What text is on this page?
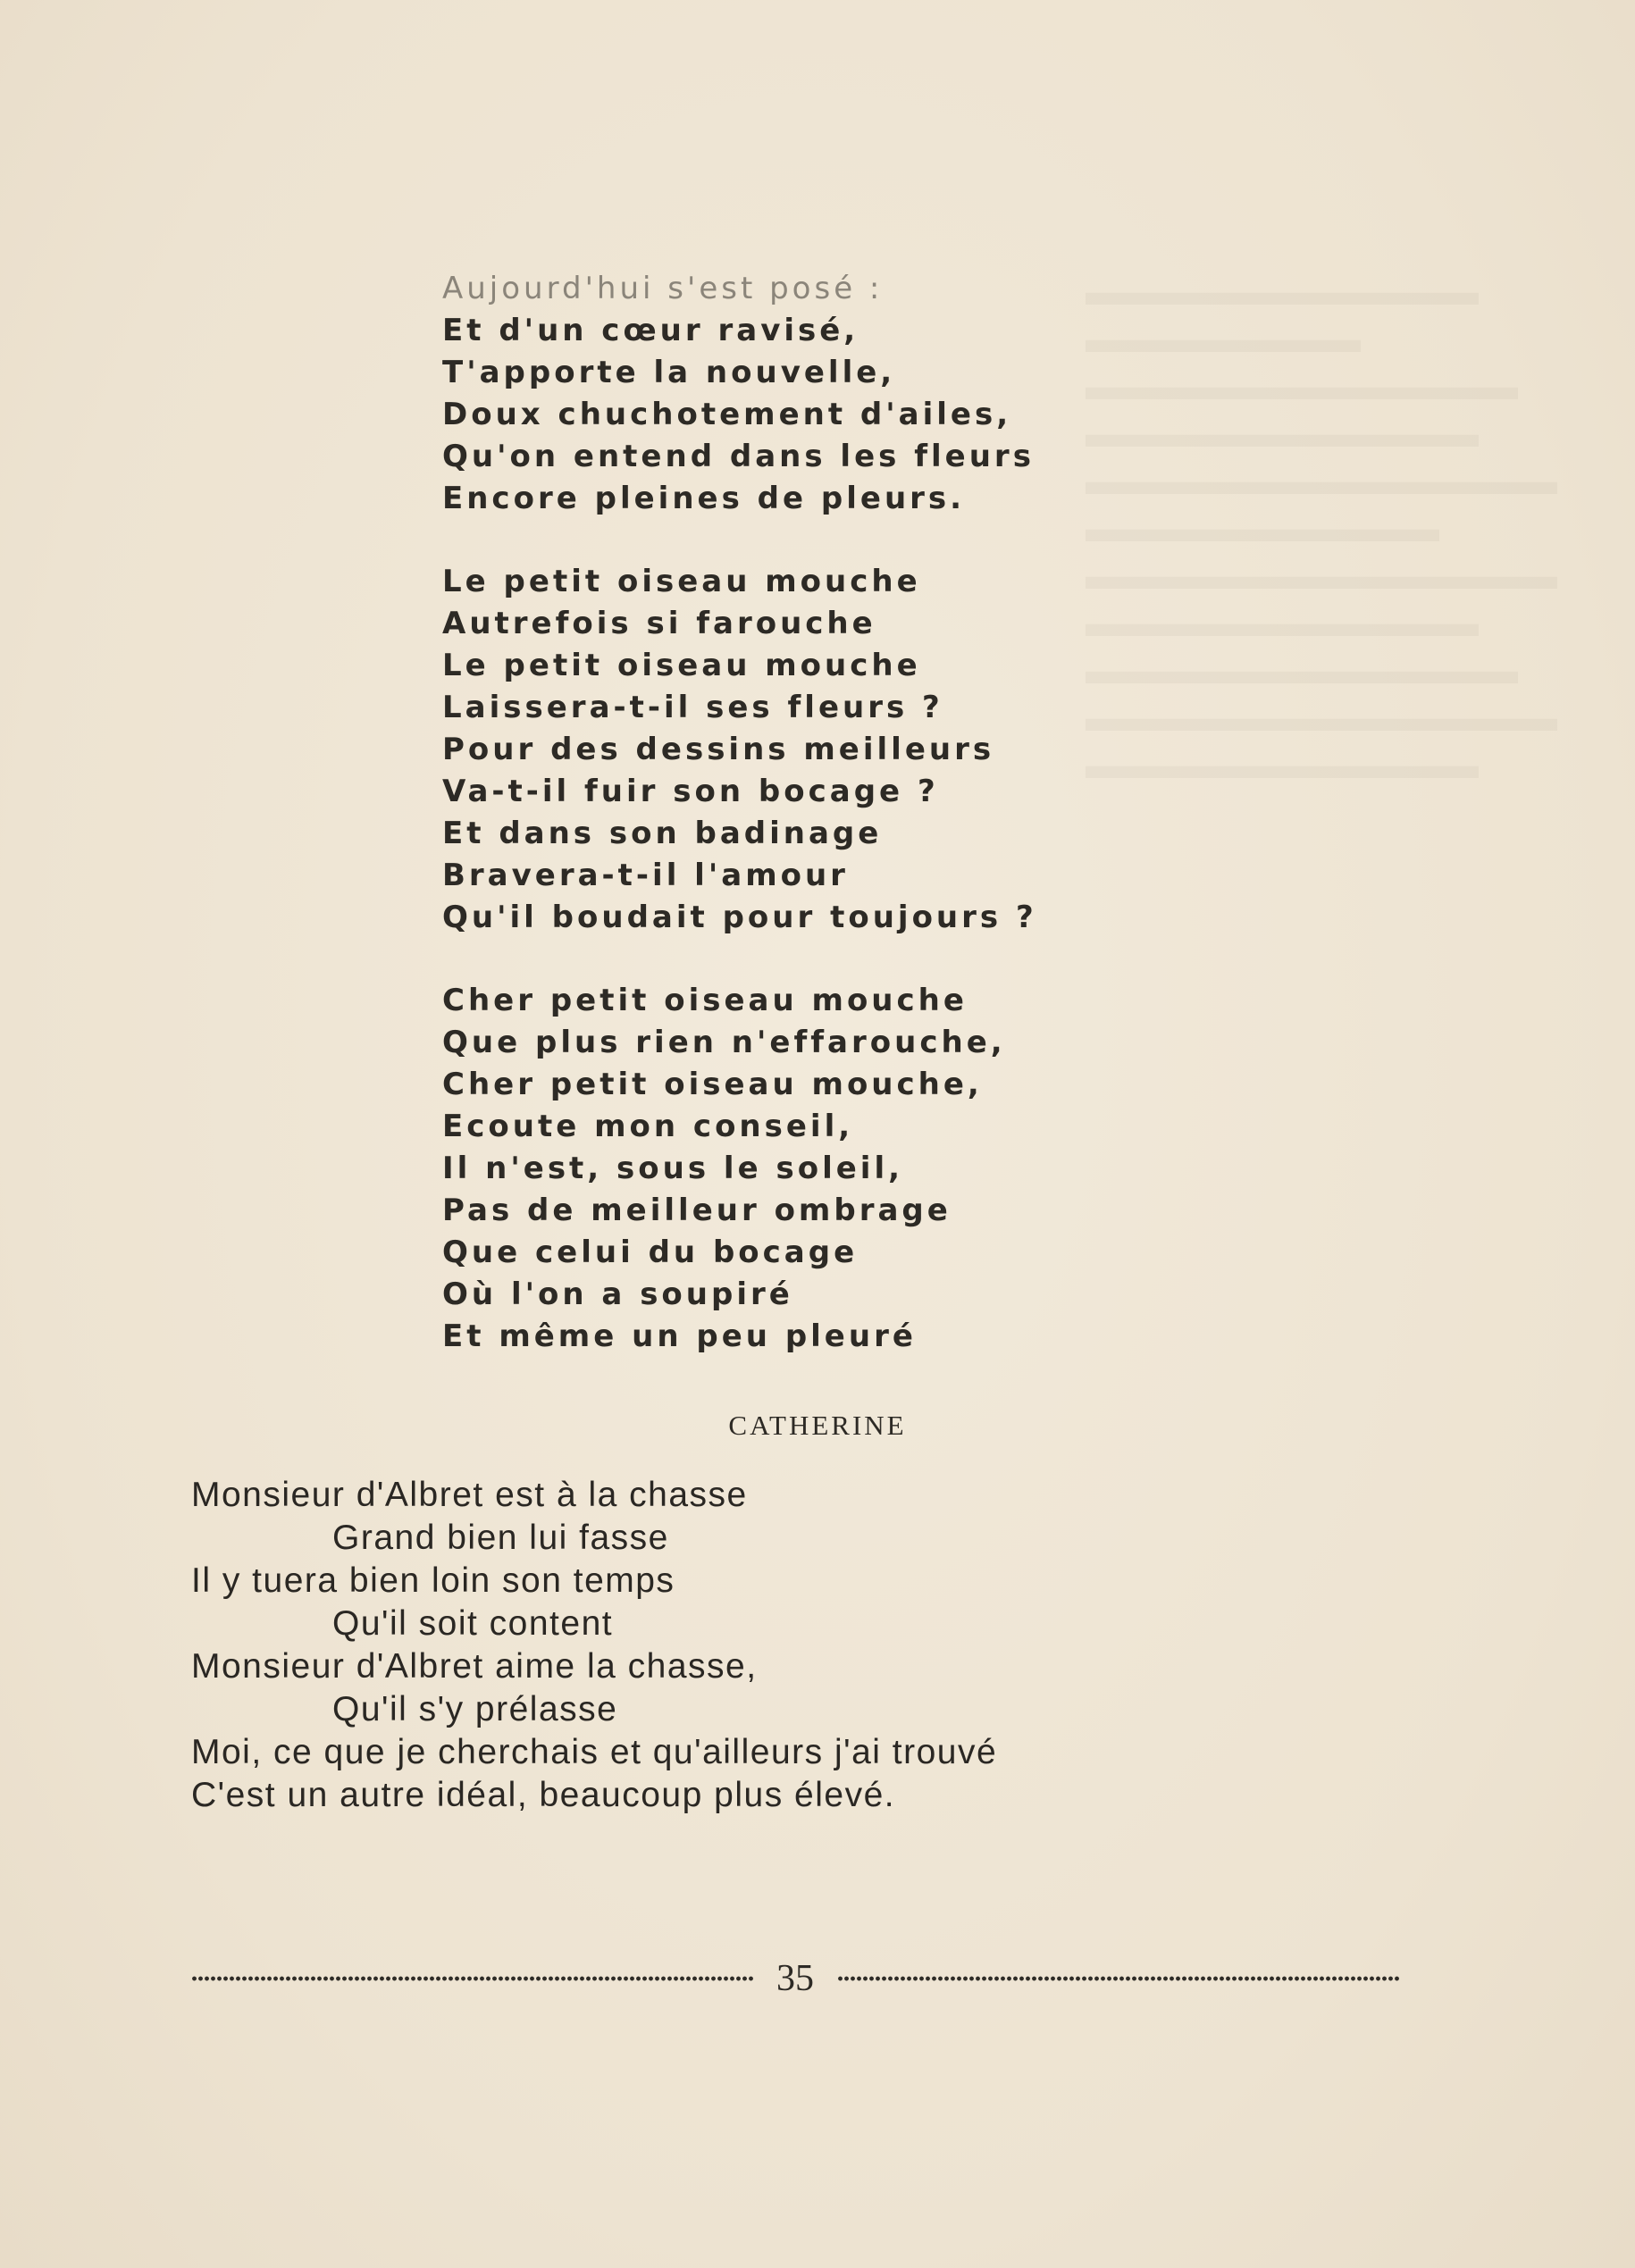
▬▬▬▬▬▬▬▬▬▬
▬▬▬▬▬▬▬
▬▬▬▬▬▬▬▬▬▬▬
▬▬▬▬▬▬▬▬▬▬
▬▬▬▬▬▬▬▬▬▬▬▬
▬▬▬▬▬▬▬▬▬
▬▬▬▬▬▬▬▬▬▬▬▬
▬▬▬▬▬▬▬▬▬▬
▬▬▬▬▬▬▬▬▬▬▬
▬▬▬▬▬▬▬▬▬▬▬▬
▬▬▬▬▬▬▬▬▬▬
Aujourd'hui s'est posé :
Et d'un cœur ravisé,
T'apporte la nouvelle,
Doux chuchotement d'ailes,
Qu'on entend dans les fleurs
Encore pleines de pleurs.
Le petit oiseau mouche
Autrefois si farouche
Le petit oiseau mouche
Laissera-t-il ses fleurs ?
Pour des dessins meilleurs
Va-t-il fuir son bocage ?
Et dans son badinage
Bravera-t-il l'amour
Qu'il boudait pour toujours ?
Cher petit oiseau mouche
Que plus rien n'effarouche,
Cher petit oiseau mouche,
Ecoute mon conseil,
Il n'est, sous le soleil,
Pas de meilleur ombrage
Que celui du bocage
Où l'on a soupiré
Et même un peu pleuré
CATHERINE
Monsieur d'Albret est à la chasse
Grand bien lui fasse
Il y tuera bien loin son temps
Qu'il soit content
Monsieur d'Albret aime la chasse,
Qu'il s'y prélasse
Moi, ce que je cherchais et qu'ailleurs j'ai trouvé
C'est un autre idéal, beaucoup plus élevé.
35
